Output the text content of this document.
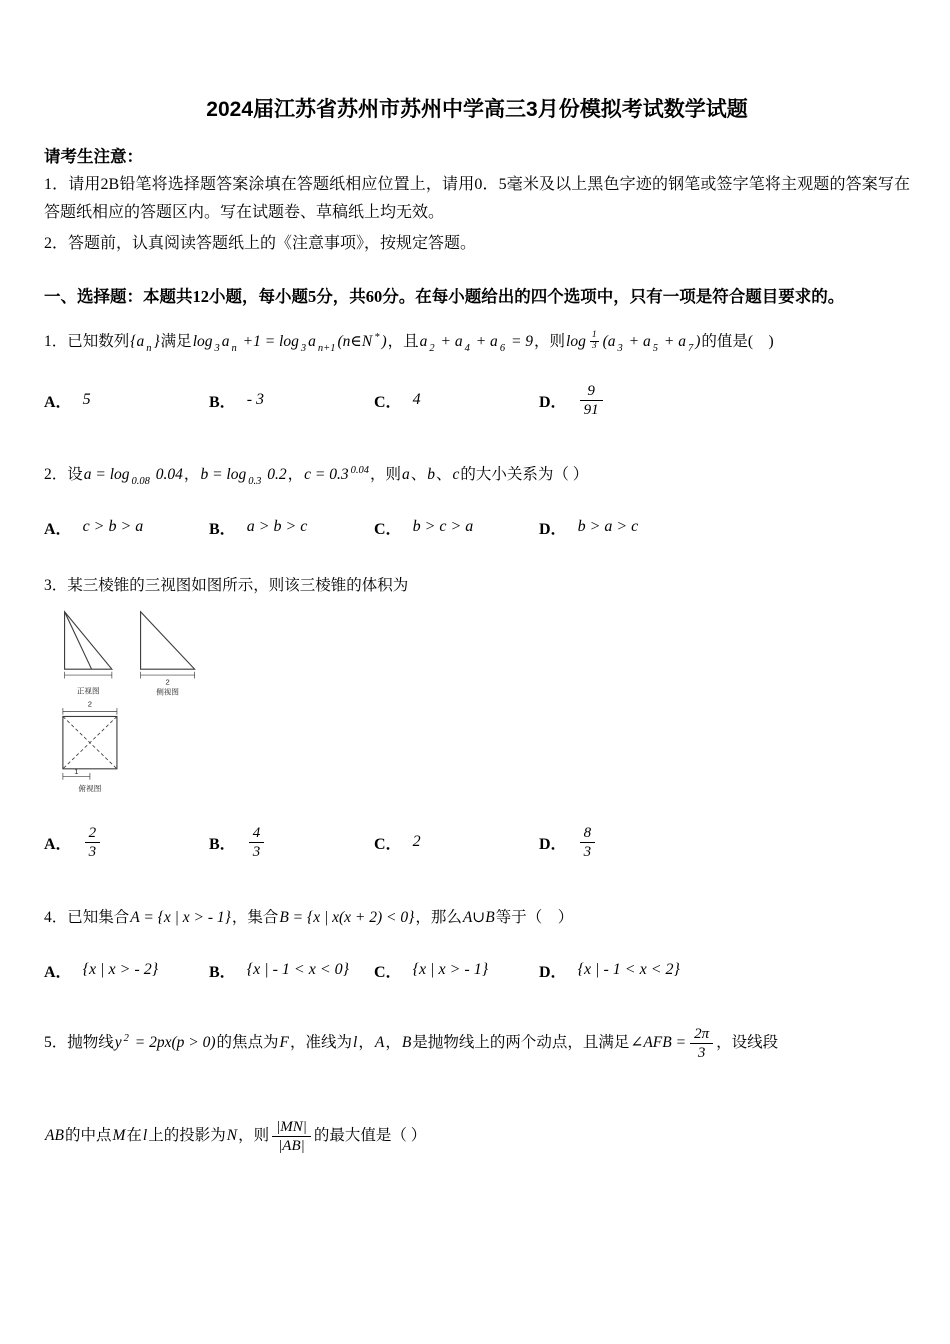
2024届江苏省苏州市苏州中学高三3月份模拟考试数学试题

请考生注意：

1．请用2B铅笔将选择题答案涂填在答题纸相应位置上，请用0．5毫米及以上黑色字迹的钢笔或签字笔将主观题的答案写在答题纸相应的答题区内。写在试题卷、草稿纸上均无效。

2．答题前，认真阅读答题纸上的《注意事项》，按规定答题。

一、选择题：本题共12小题，每小题5分，共60分。在每小题给出的四个选项中，只有一项是符合题目要求的。

1．已知数列{a $_n$ }满足log $_3$ a $_n$ +1 = log $_3$ a $_{n+1}$ (n∈N * )，且a $_2$ + a $_4$ + a $_6$ = 9，则$\log \frac{1}{3} (a$ $_3$ + a $_5$ + a $_7$ )的值是(　)
A． 5	B． - 3	C． 4	D． $\frac{9}{91}$
2．设a = log $_{0.08}$ 0.04，b = log $_{0.3}$ 0.2，c = 0.3 $^{0.04}$，则a、b、c的大小关系为（ ）
A． c > b > a	B． a > b > c	C． b > c > a	D． b > a > c
3．某三棱锥的三视图如图所示，则该三棱锥的体积为
正视图
2
侧视图
2
1
俯视图
A． $\frac{2}{3}$	B． $\frac{4}{3}$	C． 2	D． $\frac{8}{3}$
4．已知集合A = {x | x > - 1}，集合B = {x | x(x + 2) < 0}，那么A∪B等于（　）
A． {x | x > - 2}	B． {x | - 1 < x < 0} C． {x | x > - 1}	D． {x | - 1 < x < 2}
5．抛物线y $^2$ = 2px(p > 0)的焦点为F，准线为l，A，B是抛物线上的两个动点，且满足∠AFB = $\frac{2\pi}{3}$ ，设线段
AB的中点M在l上的投影为N，则 $\frac{|MN|}{|AB|}$ 的最大值是（ ）
